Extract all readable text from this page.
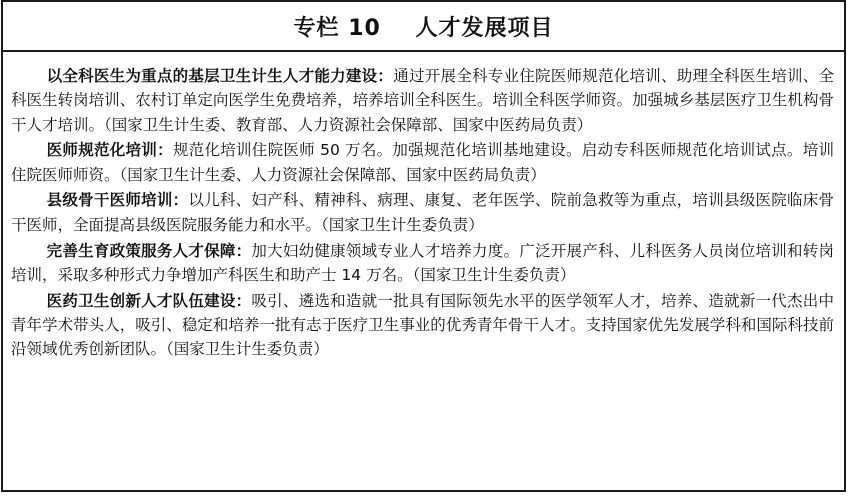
专栏 10    人才发展项目

以全科医生为重点的基层卫生计生人才能力建设：通过开展全科专业住院医师规范化培训、助理全科医生培训、全科医生转岗培训、农村订单定向医学生免费培养，培养培训全科医生。培训全科医学师资。加强城乡基层医疗卫生机构骨干人才培训。（国家卫生计生委、教育部、人力资源社会保障部、国家中医药局负责）

医师规范化培训：规范化培训住院医师 50 万名。加强规范化培训基地建设。启动专科医师规范化培训试点。培训住院医师师资。（国家卫生计生委、人力资源社会保障部、国家中医药局负责）

县级骨干医师培训：以儿科、妇产科、精神科、病理、康复、老年医学、院前急救等为重点，培训县级医院临床骨干医师，全面提高县级医院服务能力和水平。（国家卫生计生委负责）

完善生育政策服务人才保障：加大妇幼健康领域专业人才培养力度。广泛开展产科、儿科医务人员岗位培训和转岗培训，采取多种形式力争增加产科医生和助产士 14 万名。（国家卫生计生委负责）

医药卫生创新人才队伍建设：吸引、遴选和造就一批具有国际领先水平的医学领军人才，培养、造就新一代杰出中青年学术带头人，吸引、稳定和培养一批有志于医疗卫生事业的优秀青年骨干人才。支持国家优先发展学科和国际科技前沿领域优秀创新团队。（国家卫生计生委负责）
